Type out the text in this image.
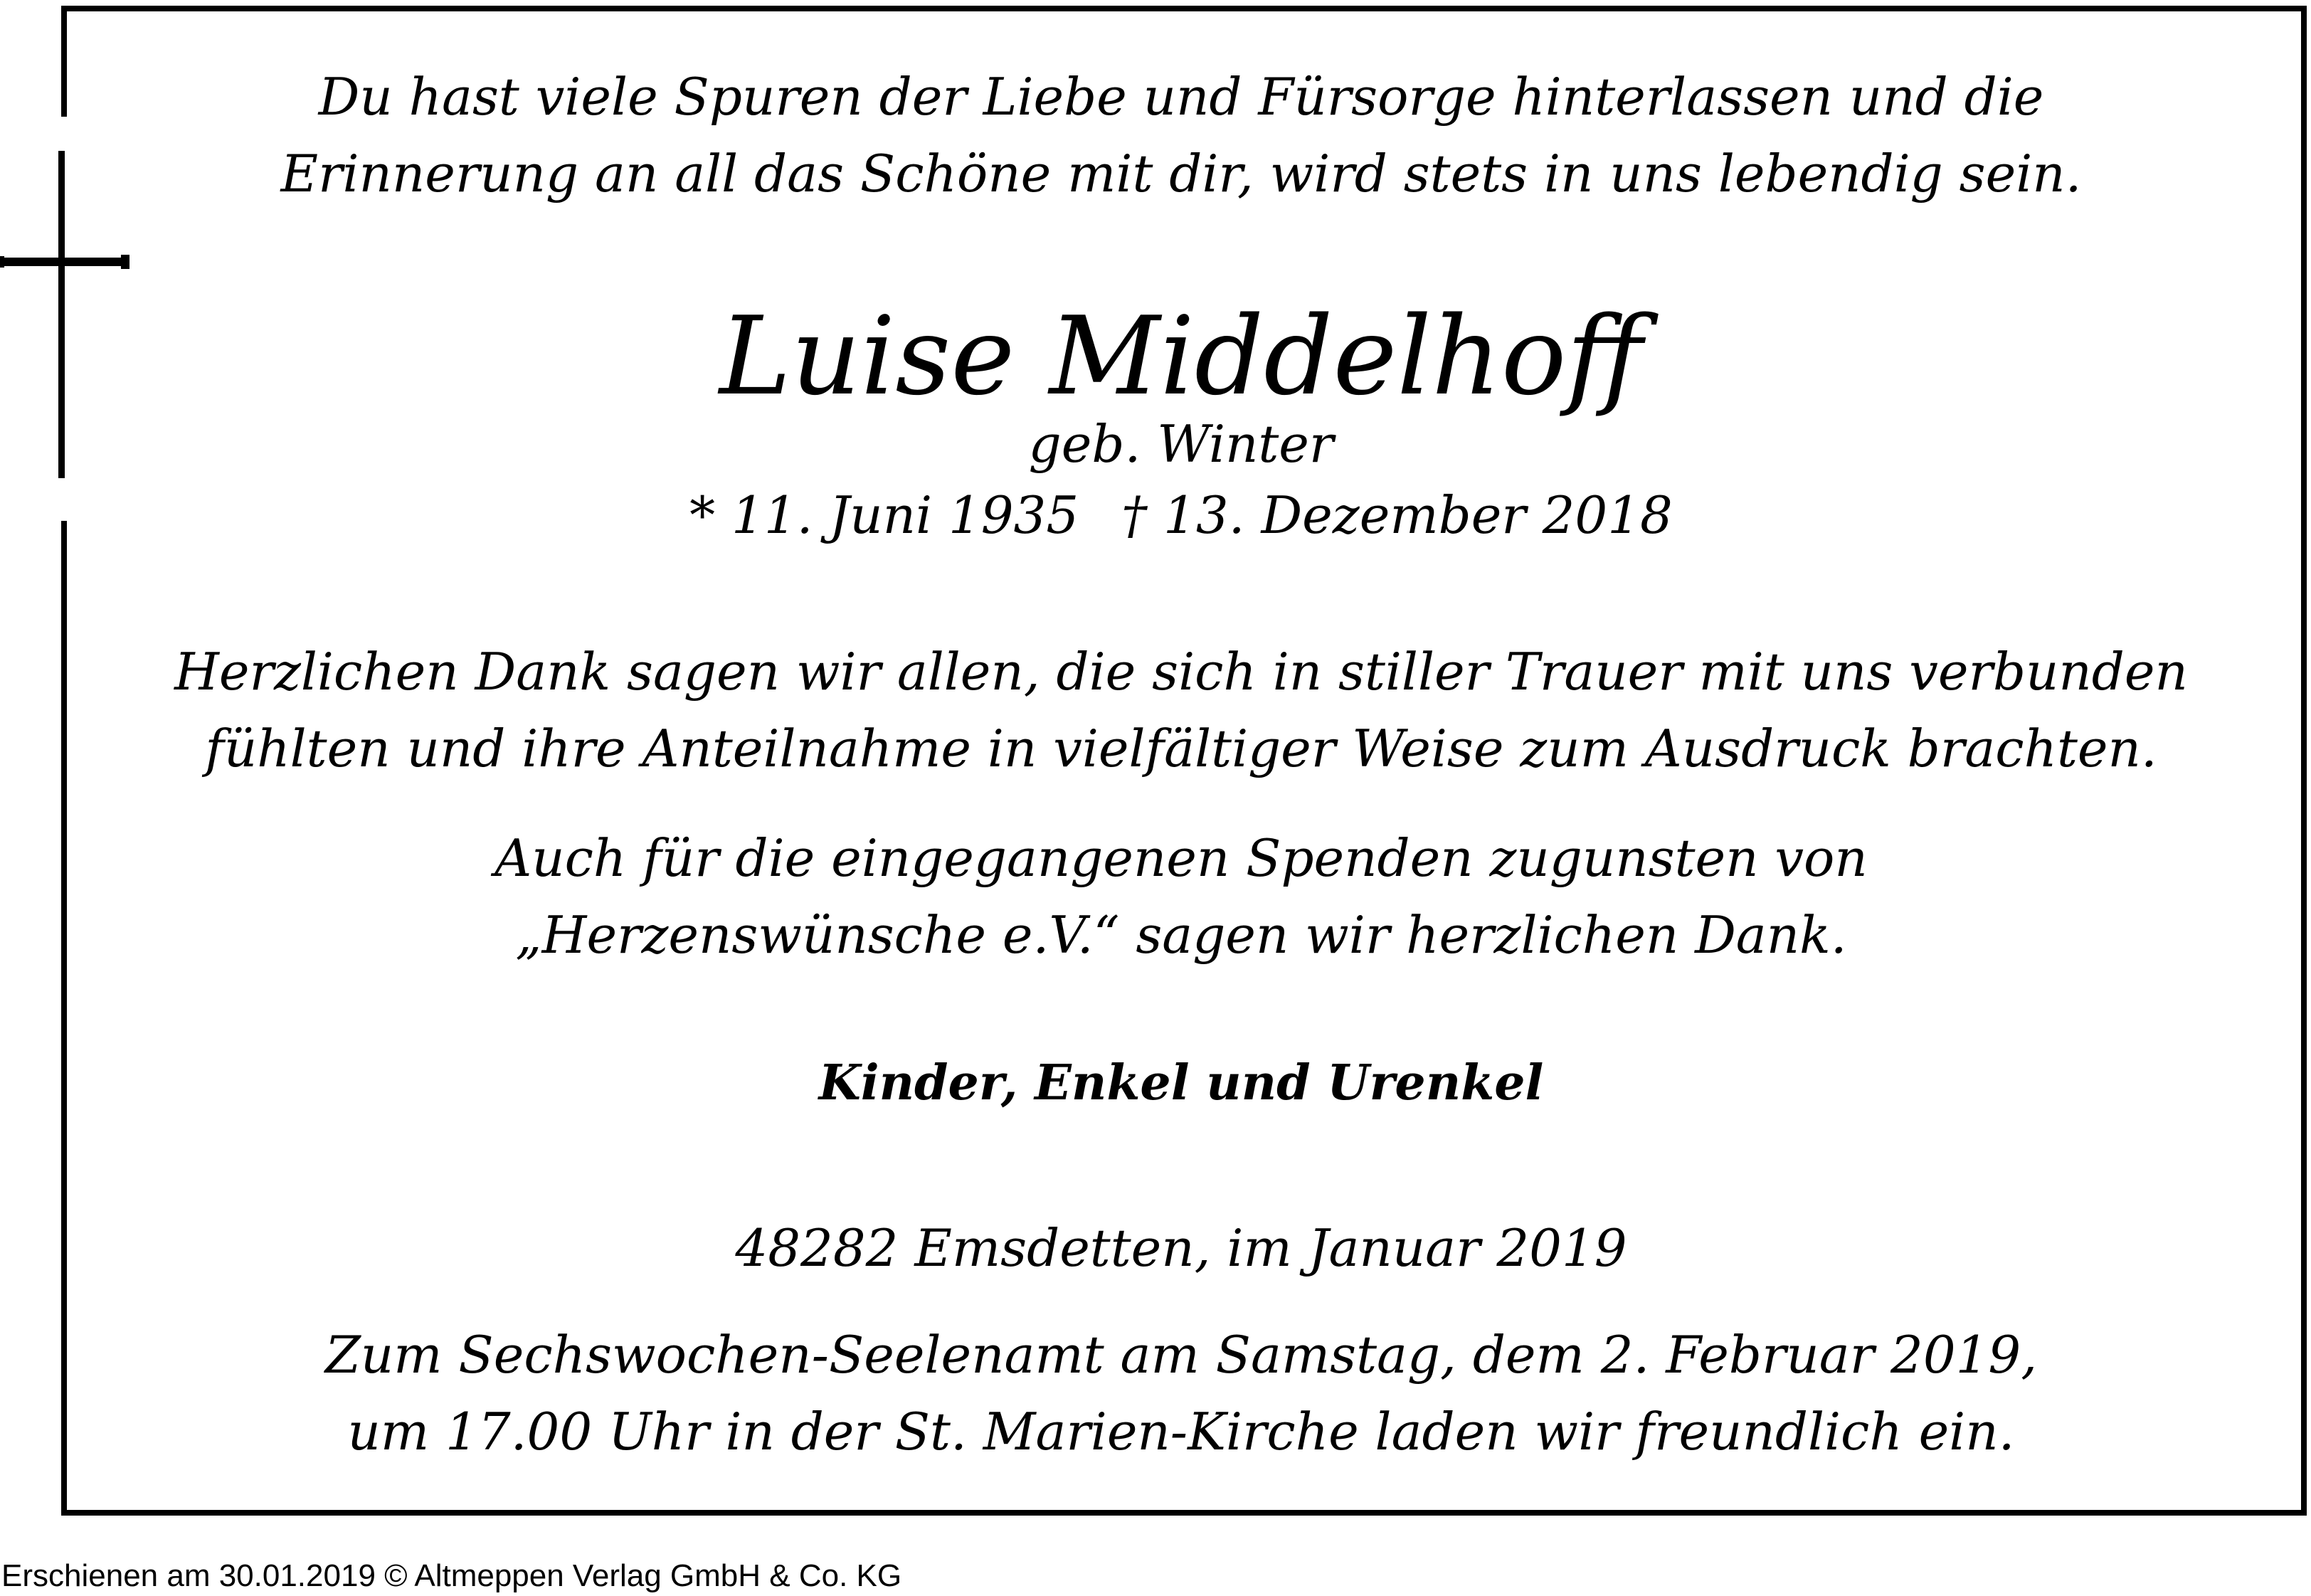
Du hast viele Spuren der Liebe und Fürsorge hinterlassen und die
Erinnerung an all das Schöne mit dir, wird stets in uns lebendig sein.
Luise Middelhoff
geb. Winter
* 11. Juni 1935 † 13. Dezember 2018
Herzlichen Dank sagen wir allen, die sich in stiller Trauer mit uns verbunden
fühlten und ihre Anteilnahme in vielfältiger Weise zum Ausdruck brachten.
Auch für die eingegangenen Spenden zugunsten von
„Herzenswünsche e.V.“ sagen wir herzlichen Dank.
Kinder, Enkel und Urenkel
48282 Emsdetten, im Januar 2019
Zum Sechswochen-Seelenamt am Samstag, dem 2. Februar 2019,
um 17.00 Uhr in der St. Marien-Kirche laden wir freundlich ein.
Erschienen am 30.01.2019 © Altmeppen Verlag GmbH & Co. KG
